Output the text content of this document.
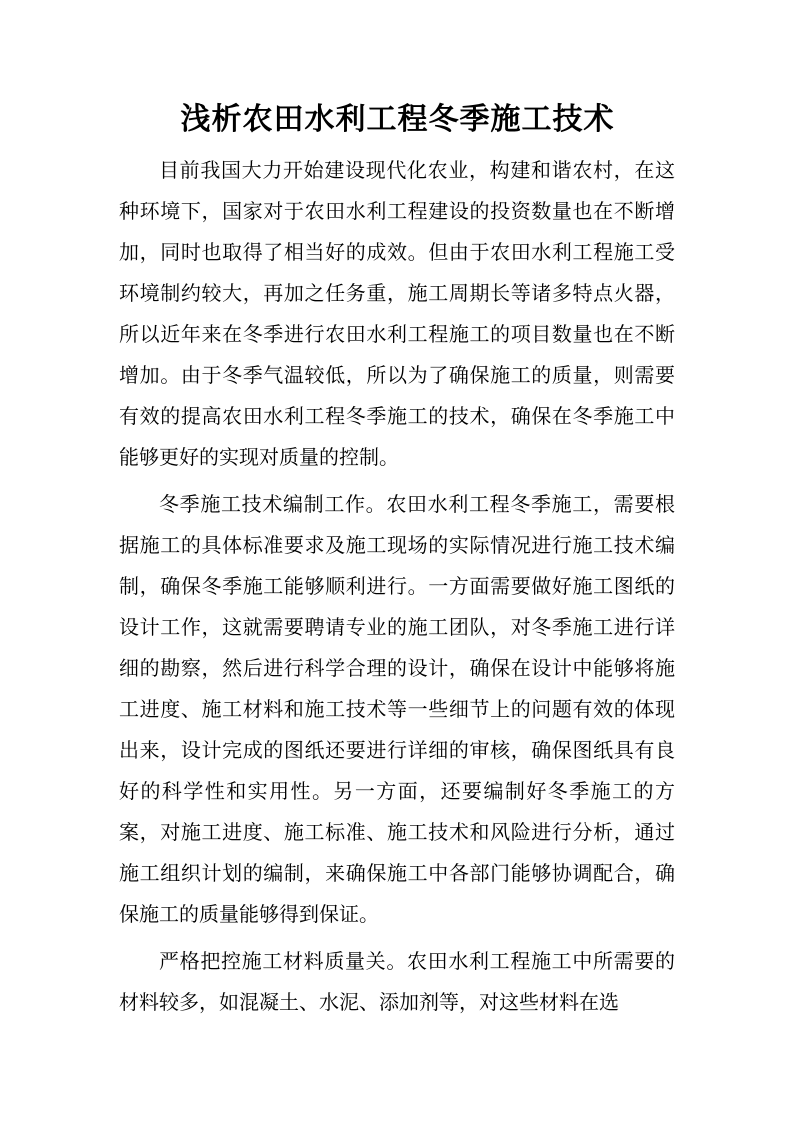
浅析农田水利工程冬季施工技术

目前我国大力开始建设现代化农业，构建和谐农村，在这种环境下，国家对于农田水利工程建设的投资数量也在不断增加，同时也取得了相当好的成效。但由于农田水利工程施工受环境制约较大，再加之任务重，施工周期长等诸多特点火器，所以近年来在冬季进行农田水利工程施工的项目数量也在不断增加。由于冬季气温较低，所以为了确保施工的质量，则需要有效的提高农田水利工程冬季施工的技术，确保在冬季施工中能够更好的实现对质量的控制。

冬季施工技术编制工作。农田水利工程冬季施工，需要根据施工的具体标准要求及施工现场的实际情况进行施工技术编制，确保冬季施工能够顺利进行。一方面需要做好施工图纸的设计工作，这就需要聘请专业的施工团队，对冬季施工进行详细的勘察，然后进行科学合理的设计，确保在设计中能够将施工进度、施工材料和施工技术等一些细节上的问题有效的体现出来，设计完成的图纸还要进行详细的审核，确保图纸具有良好的科学性和实用性。另一方面，还要编制好冬季施工的方案，对施工进度、施工标准、施工技术和风险进行分析，通过施工组织计划的编制，来确保施工中各部门能够协调配合，确保施工的质量能够得到保证。

严格把控施工材料质量关。农田水利工程施工中所需要的材料较多，如混凝土、水泥、添加剂等，对这些材料在选
